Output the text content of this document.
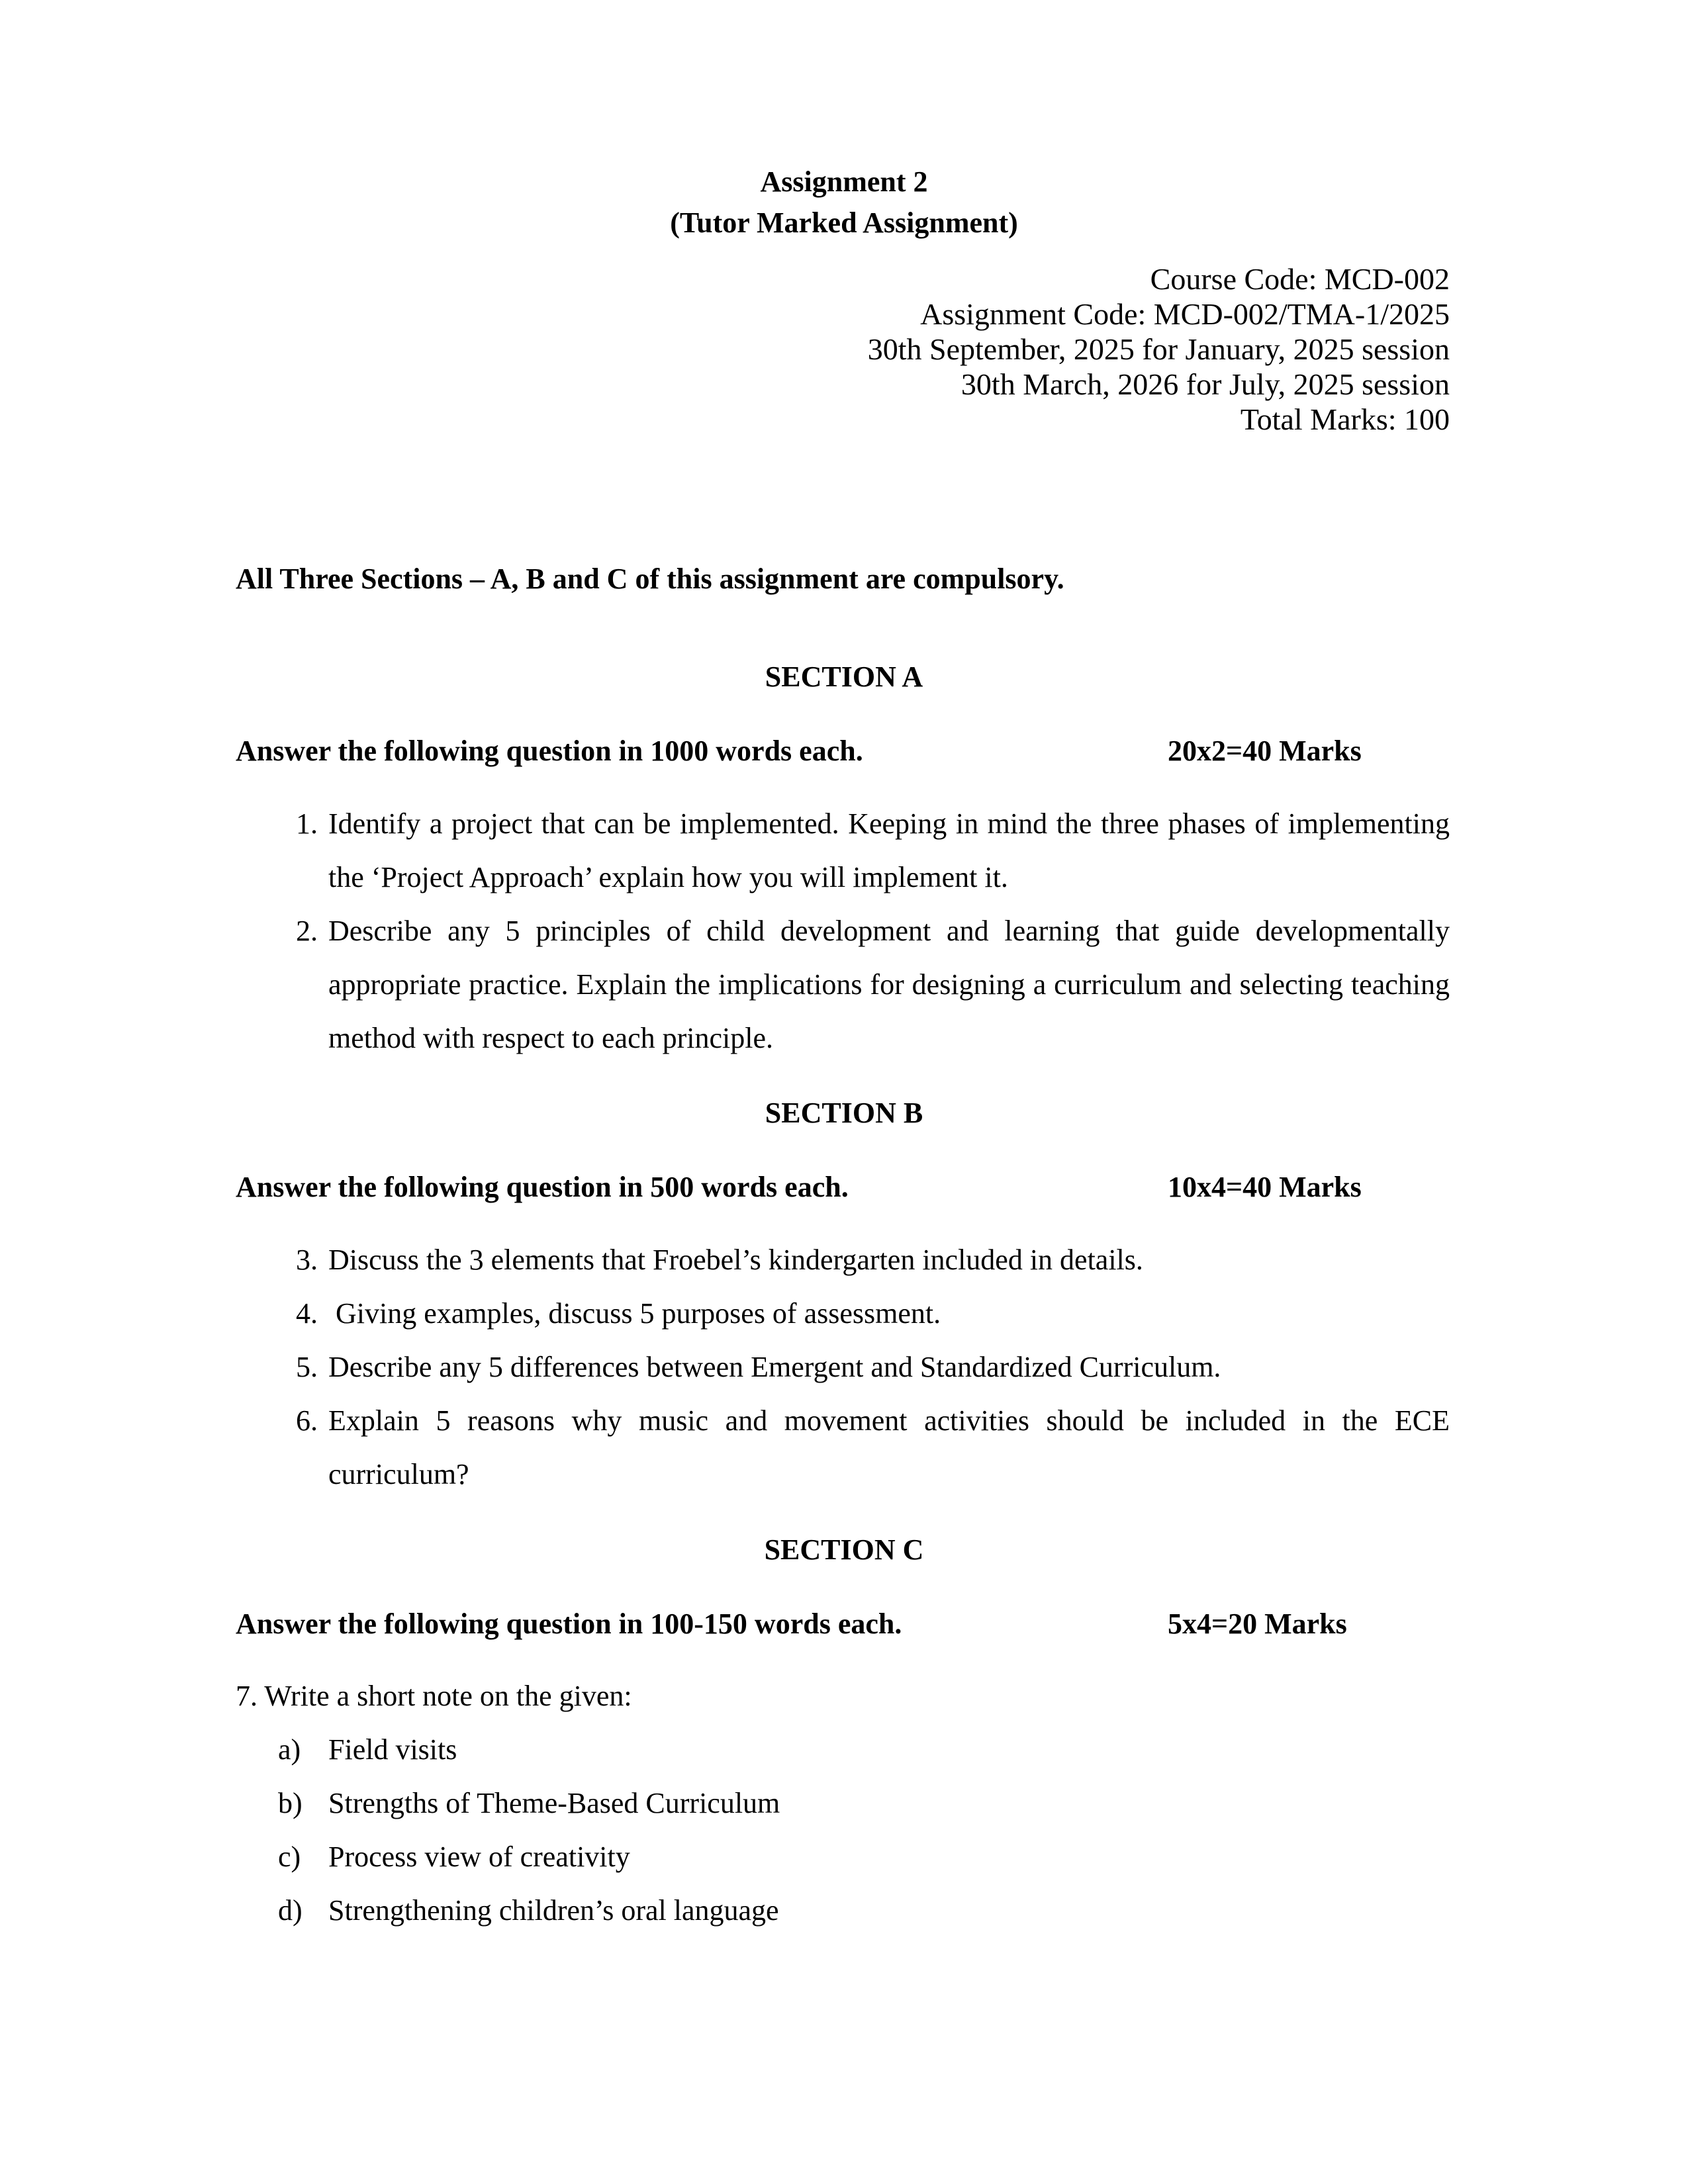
Assignment 2
(Tutor Marked Assignment)
Course Code: MCD-002
Assignment Code: MCD-002/TMA-1/2025
30th September, 2025 for January, 2025 session
30th March, 2026 for July, 2025 session
Total Marks: 100
All Three Sections – A, B and C of this assignment are compulsory.
SECTION A
Answer the following question in 1000 words each.	20x2=40 Marks
1. Identify a project that can be implemented. Keeping in mind the three phases of implementing the ‘Project Approach’ explain how you will implement it.
2. Describe any 5 principles of child development and learning that guide developmentally appropriate practice. Explain the implications for designing a curriculum and selecting teaching method with respect to each principle.
SECTION B
Answer the following question in 500 words each.	10x4=40 Marks
3. Discuss the 3 elements that Froebel’s kindergarten included in details.
4. Giving examples, discuss 5 purposes of assessment.
5. Describe any 5 differences between Emergent and Standardized Curriculum.
6. Explain 5 reasons why music and movement activities should be included in the ECE curriculum?
SECTION C
Answer the following question in 100-150 words each.	5x4=20 Marks
7. Write a short note on the given:
a) Field visits
b) Strengths of Theme-Based Curriculum
c) Process view of creativity
d) Strengthening children’s oral language
